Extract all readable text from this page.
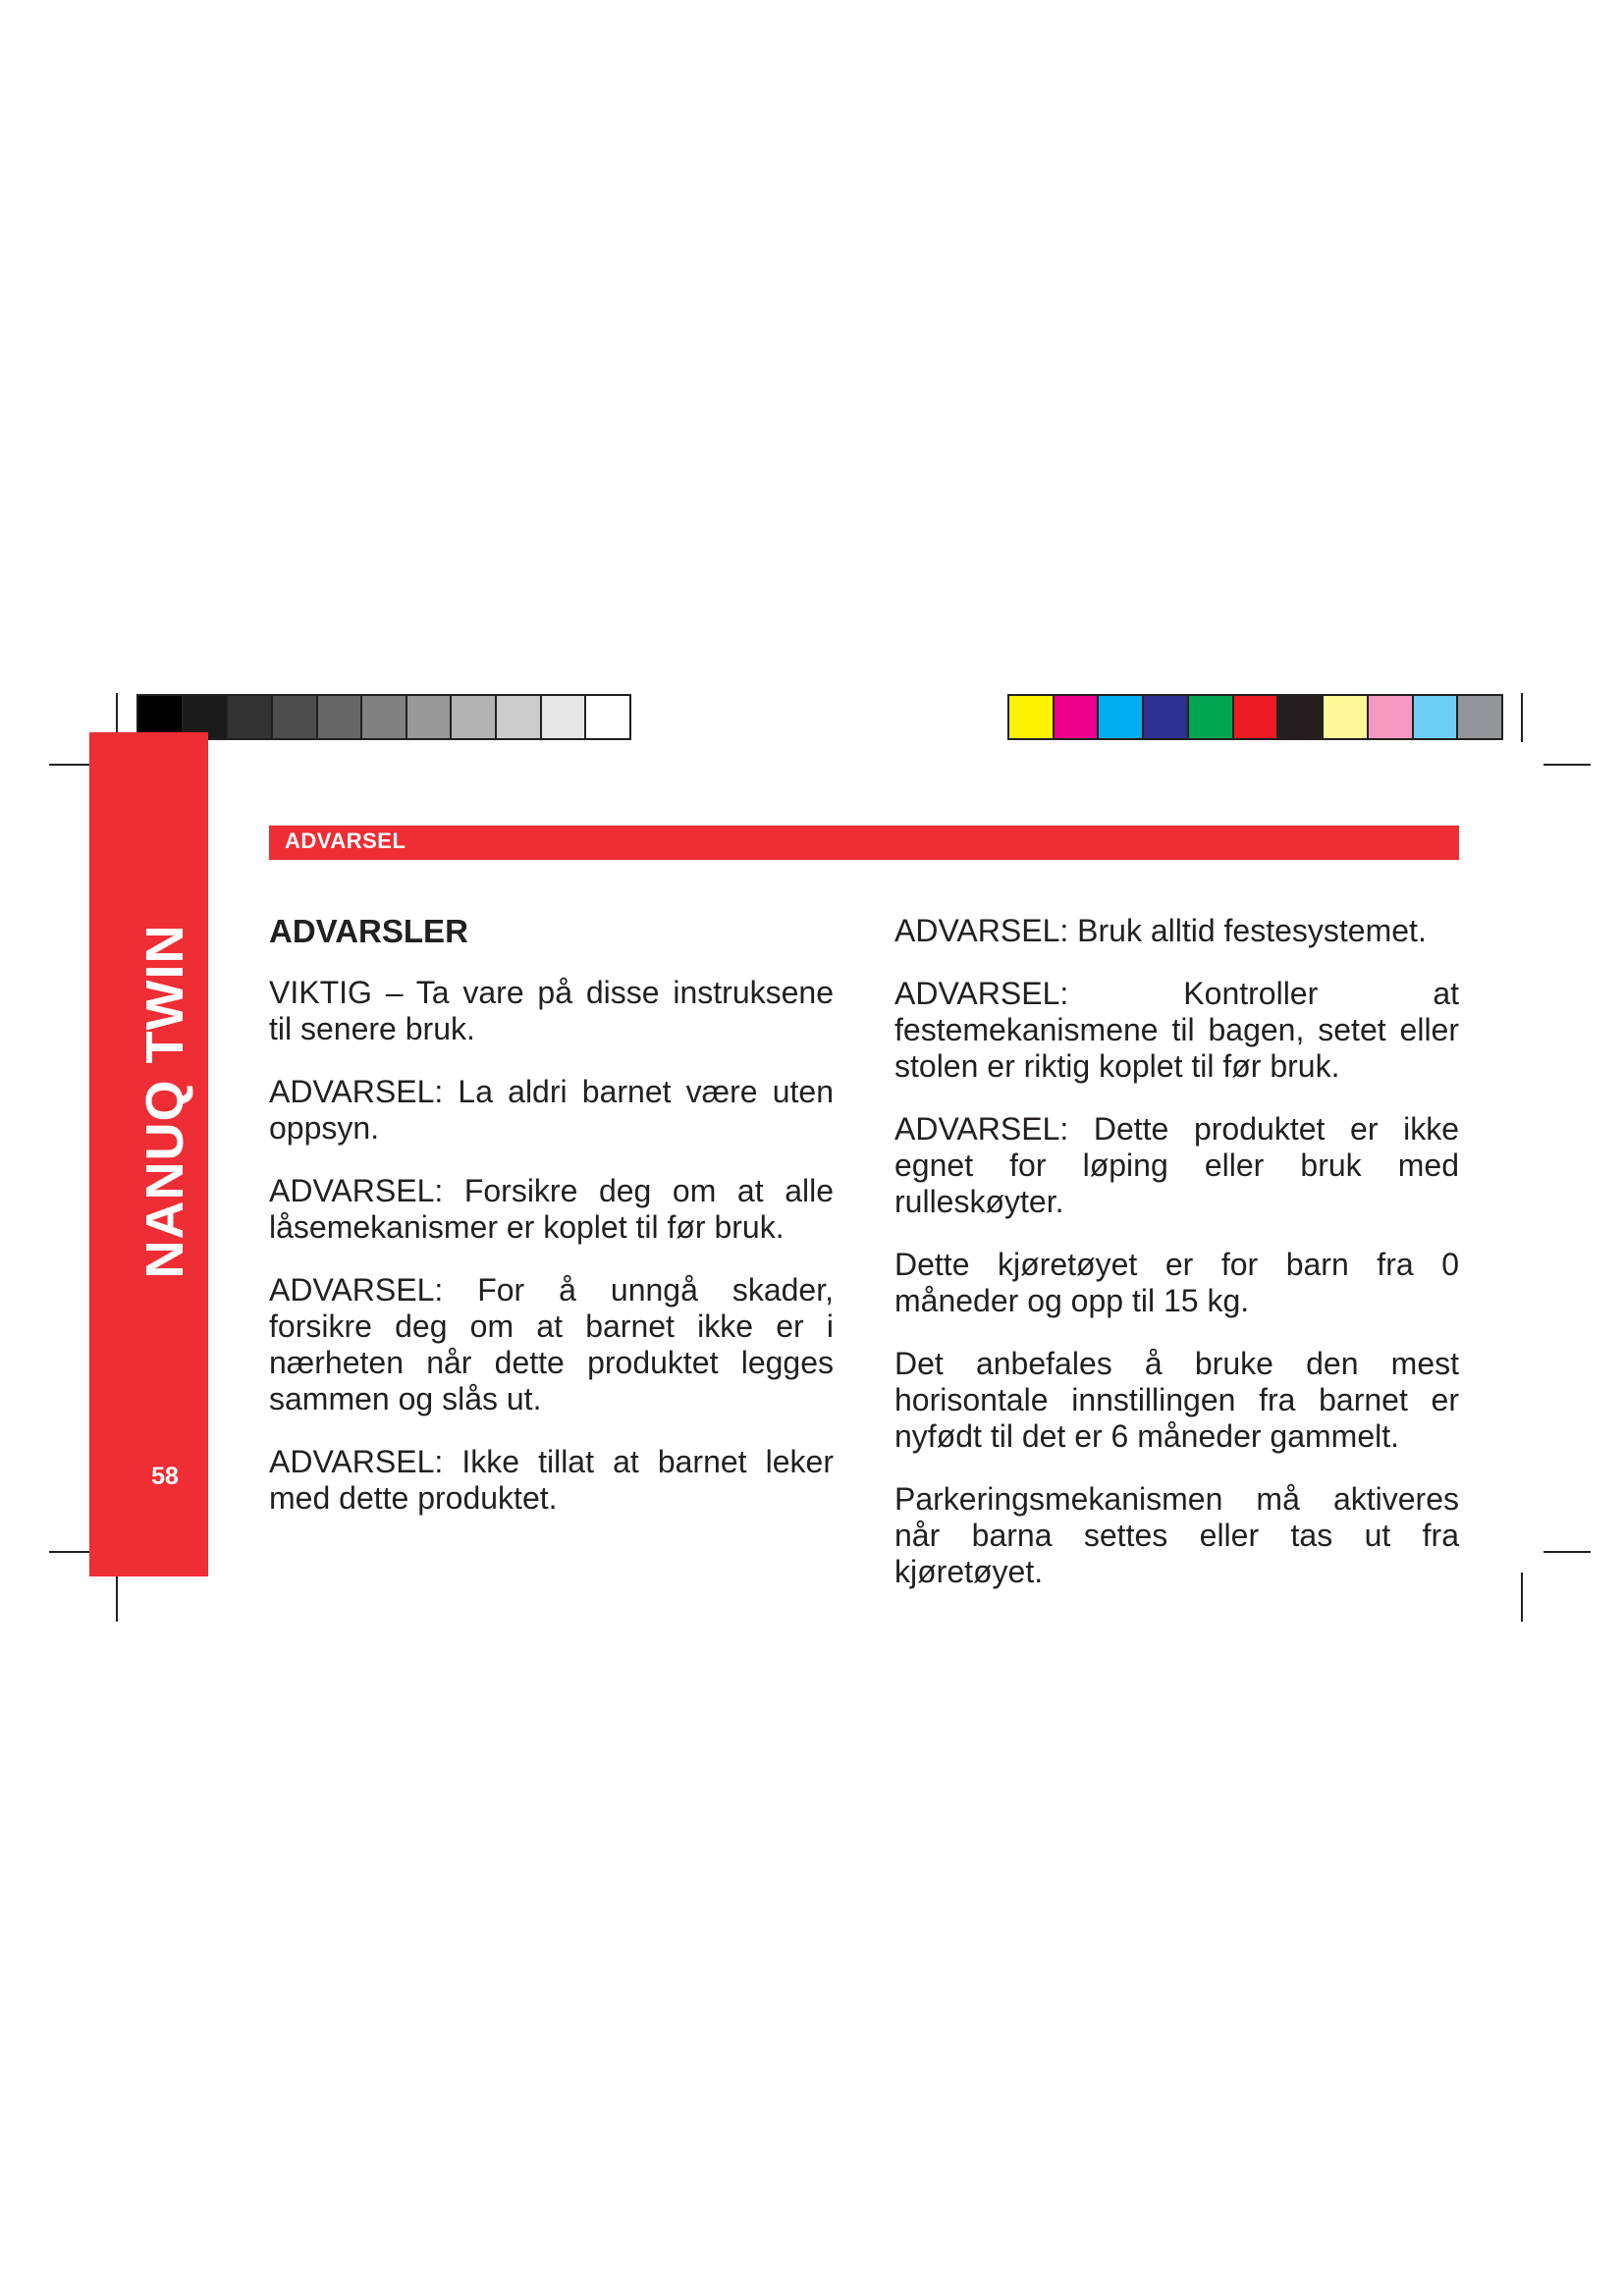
NANUQ TWIN
58
ADVARSEL
ADVARSLER

VIKTIG – Ta vare på disse instruksene til senere bruk.

ADVARSEL: La aldri barnet være uten oppsyn.

ADVARSEL: Forsikre deg om at alle låsemekanismer er koplet til før bruk.

ADVARSEL: For å unngå skader, forsikre deg om at barnet ikke er i nærheten når dette produktet legges sammen og slås ut.

ADVARSEL: Ikke tillat at barnet leker med dette produktet.

ADVARSEL: Bruk alltid festesystemet.

ADVARSEL: Kontroller at festemekanismene til bagen, setet eller stolen er riktig koplet til før bruk.

ADVARSEL: Dette produktet er ikke egnet for løping eller bruk med rulleskøyter.

Dette kjøretøyet er for barn fra 0 måneder og opp til 15 kg.

Det anbefales å bruke den mest horisontale innstillingen fra barnet er nyfødt til det er 6 måneder gammelt.

Parkeringsmekanismen må aktiveres når barna settes eller tas ut fra kjøretøyet.
